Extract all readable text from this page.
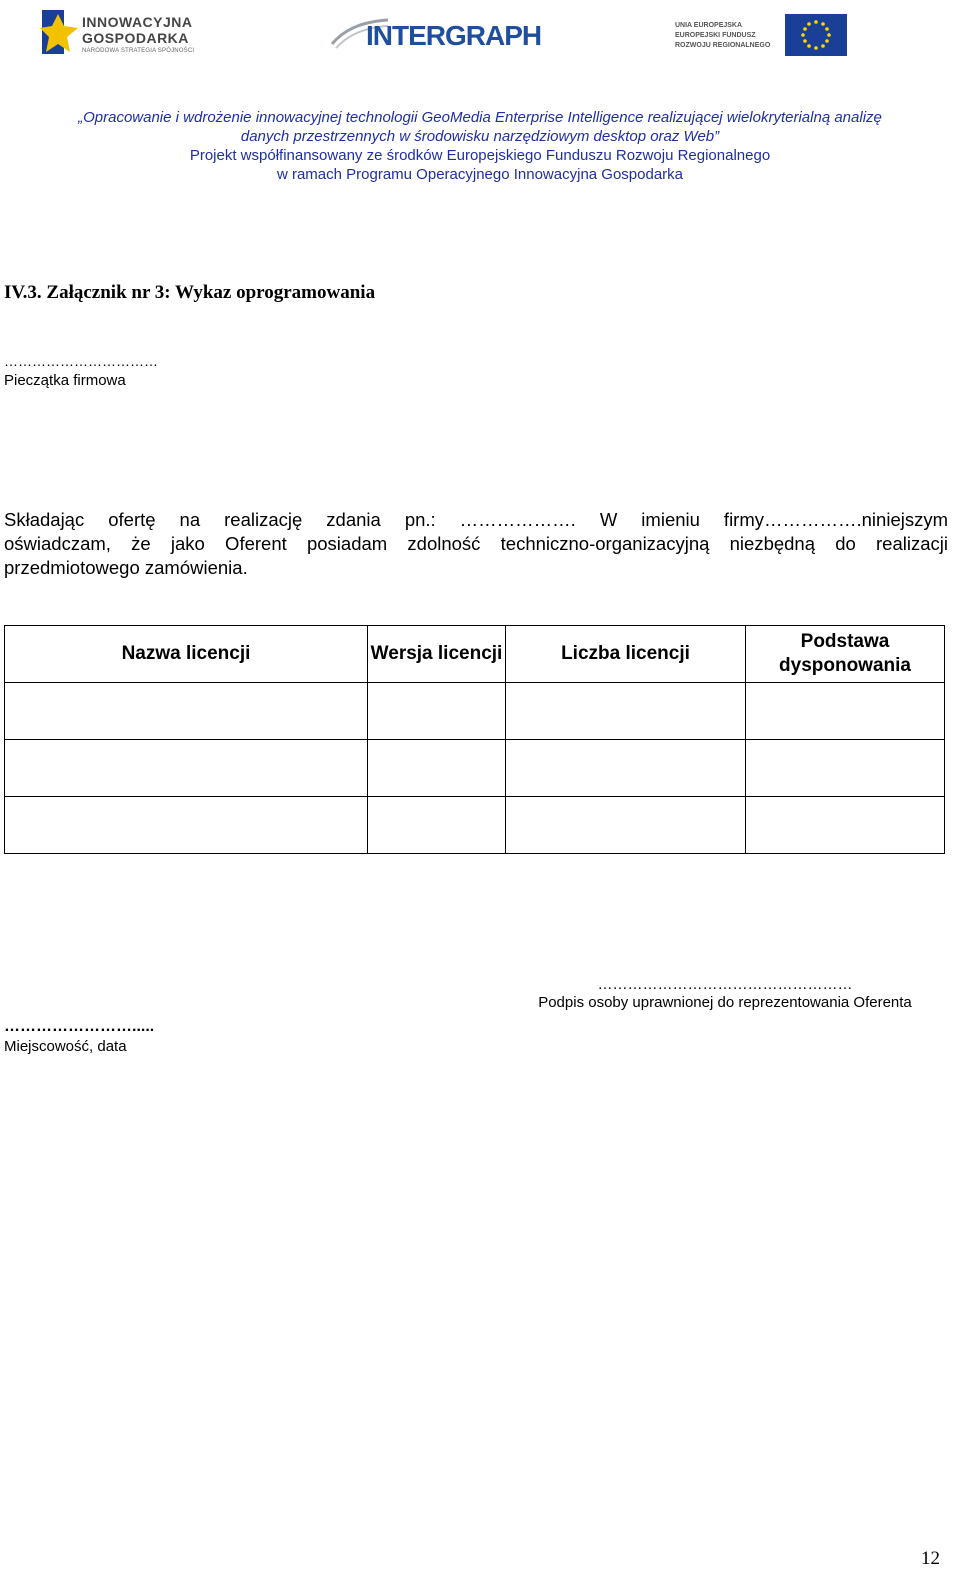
INNOWACYJNA
GOSPODARKA
NARODOWA STRATEGIA SPÓJNOŚCI	INTERGRAPH	UNIA EUROPEJSKA
EUROPEJSKI FUNDUSZ
ROZWOJU REGIONALNEGO
„Opracowanie i wdrożenie innowacyjnej technologii GeoMedia Enterprise Intelligence realizującej wielokryterialną analizę
danych przestrzennych w środowisku narzędziowym desktop oraz Web”
Projekt współfinansowany ze środków Europejskiego Funduszu Rozwoju Regionalnego
w ramach Programu Operacyjnego Innowacyjna Gospodarka
IV.3. Załącznik nr 3: Wykaz oprogramowania
……………………………
Pieczątka firmowa
Składając ofertę na realizację zdania pn.: ………………. W imieniu firmy…………….niniejszym
oświadczam, że jako Oferent posiadam zdolność techniczno-organizacyjną niezbędną do realizacji
przedmiotowego zamówienia.
Nazwa licencji	Wersja licencji	Liczba licencji	Podstawa dysponowania

……………………………………………
Podpis osoby uprawnionej do reprezentowania Oferenta
…………………….....
Miejscowość, data
12
